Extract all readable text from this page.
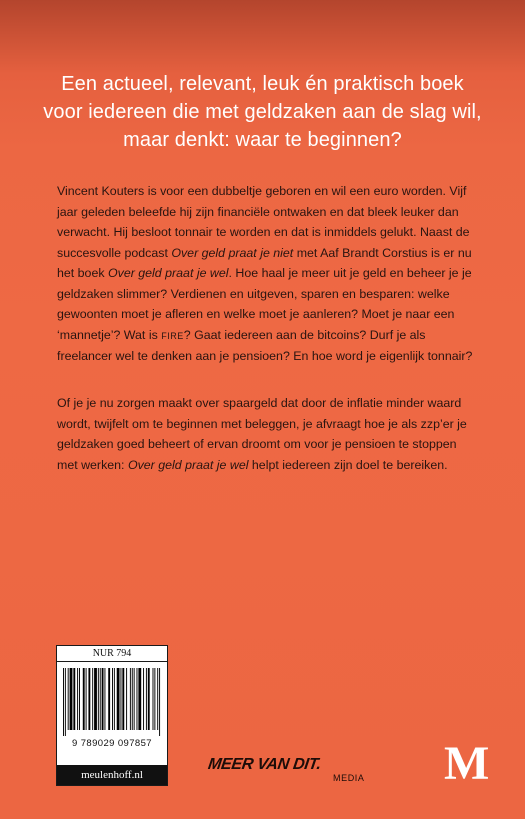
Een actueel, relevant, leuk én praktisch boek
voor iedereen die met geldzaken aan de slag wil,
maar denkt: waar te beginnen?

Vincent Kouters is voor een dubbeltje geboren en wil een euro worden. Vijf jaar geleden beleefde hij zijn financiële ontwaken en dat bleek leuker dan verwacht. Hij besloot tonnair te worden en dat is inmiddels gelukt. Naast de succesvolle podcast Over geld praat je niet met Aaf Brandt Corstius is er nu het boek Over geld praat je wel. Hoe haal je meer uit je geld en beheer je je geldzaken slimmer? Verdienen en uitgeven, sparen en besparen: welke gewoonten moet je afleren en welke moet je aanleren? Moet je naar een ‘mannetje’? Wat is FIRE? Gaat iedereen aan de bitcoins? Durf je als freelancer wel te denken aan je pensioen? En hoe word je eigenlijk tonnair?

Of je je nu zorgen maakt over spaargeld dat door de inflatie minder waard wordt, twijfelt om te beginnen met beleggen, je afvraagt hoe je als zzp’er je geldzaken goed beheert of ervan droomt om voor je pensioen te stoppen met werken: Over geld praat je wel helpt iedereen zijn doel te bereiken.

NUR 794
9 789029 097857
meulenhoff.nl
MEER VAN DIT.
MEDIA M
